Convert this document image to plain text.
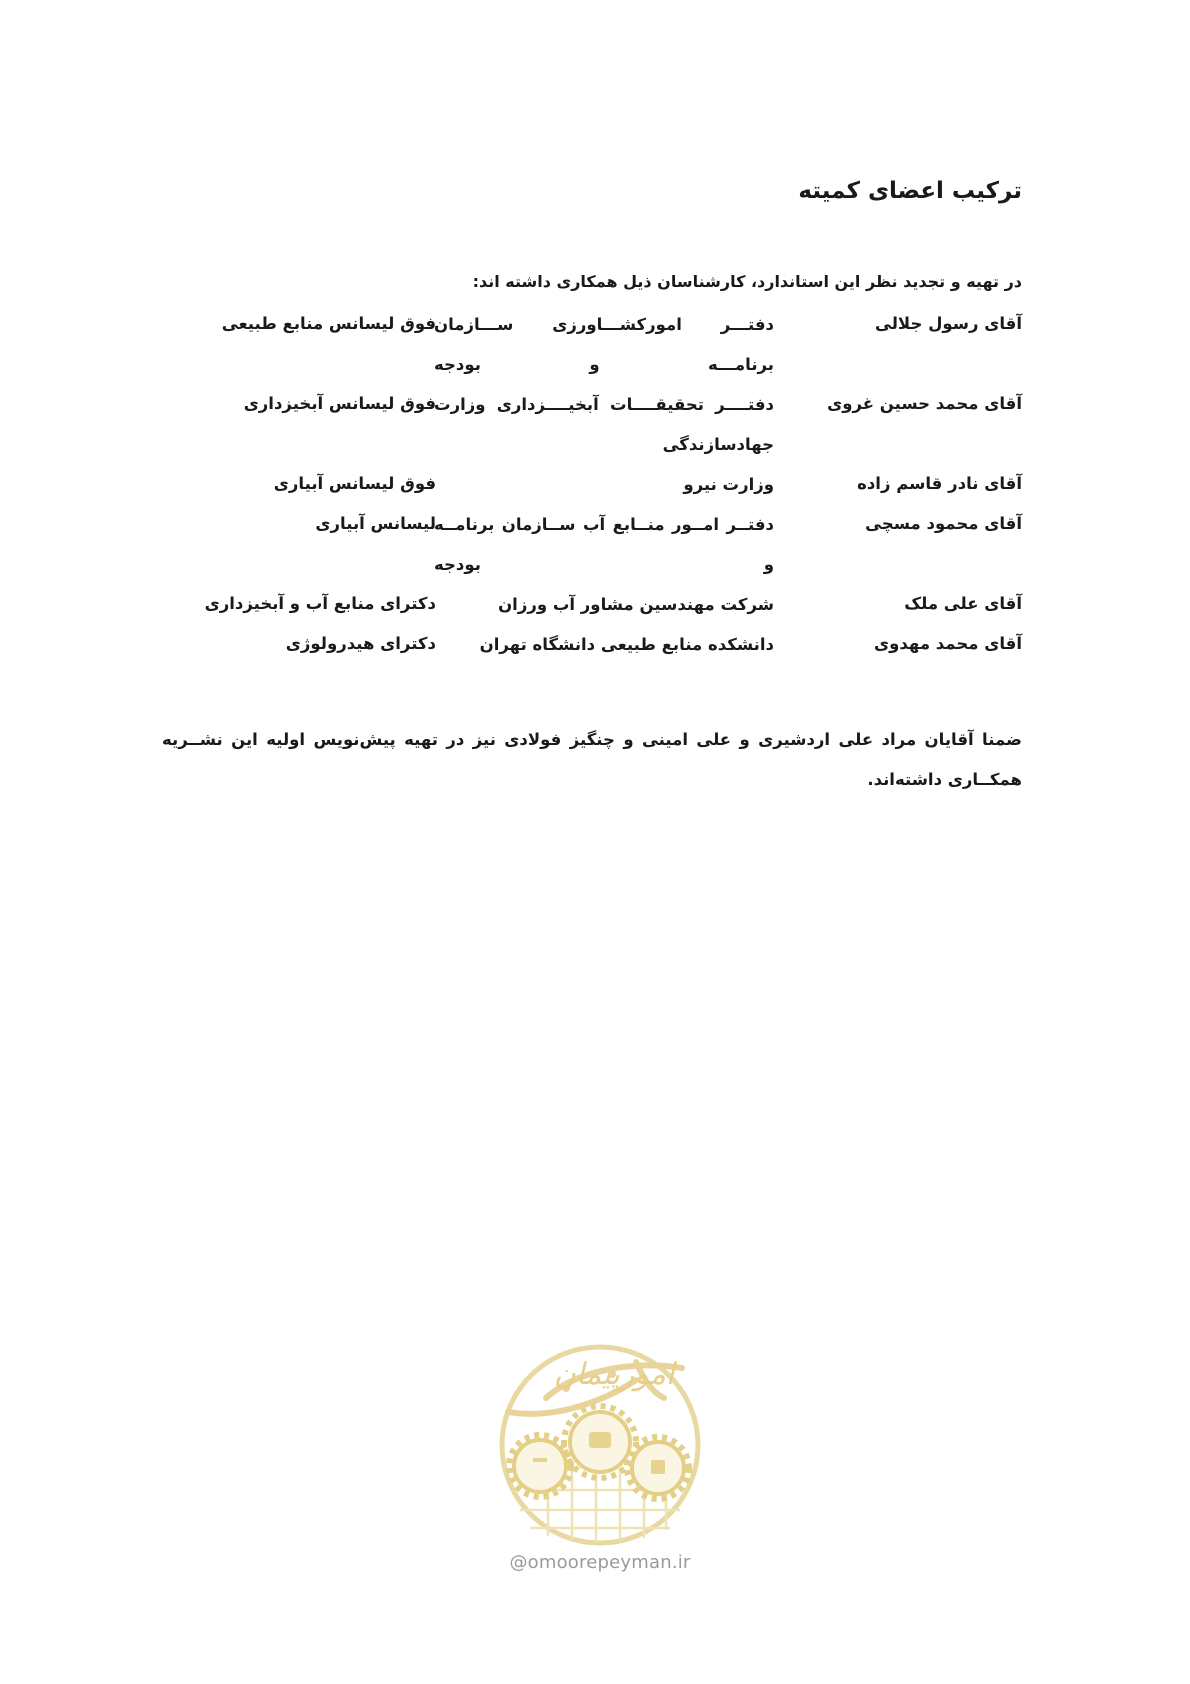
ترکیب اعضای کمیته
در تهیه و تجدید نظر این استاندارد، کارشناسان ذیل همکاری داشته اند:
آقای رسول جلالی
دفتـــر امورکشـــاورزی ســـازمان برنامـــه و بودجه
فوق لیسانس منابع طبیعی
آقای محمد حسین غروی
دفتــــر تحقیقــــات آبخیــــزداری وزارت جهادسازندگی
فوق لیسانس آبخیزداری
آقای نادر قاسم زاده
وزارت نیرو
فوق لیسانس آبیاری
آقای محمود مسچی
دفتــر امــور منــابع آب ســازمان برنامــه و بودجه
لیسانس آبیاری
آقای علی ملک
شرکت مهندسین مشاور آب ورزان
دکترای منابع آب و آبخیزداری
آقای محمد مهدوی
دانشکده منابع طبیعی دانشگاه تهران
دکترای هیدرولوژی
ضمنا آقایان مراد علی اردشیری و علی امینی و چنگیز فولادی نیز در تهیه پیش‌نویس اولیه این نشــریه همکــاری داشته‌اند.
امورپیمان
@omoorepeyman.ir
